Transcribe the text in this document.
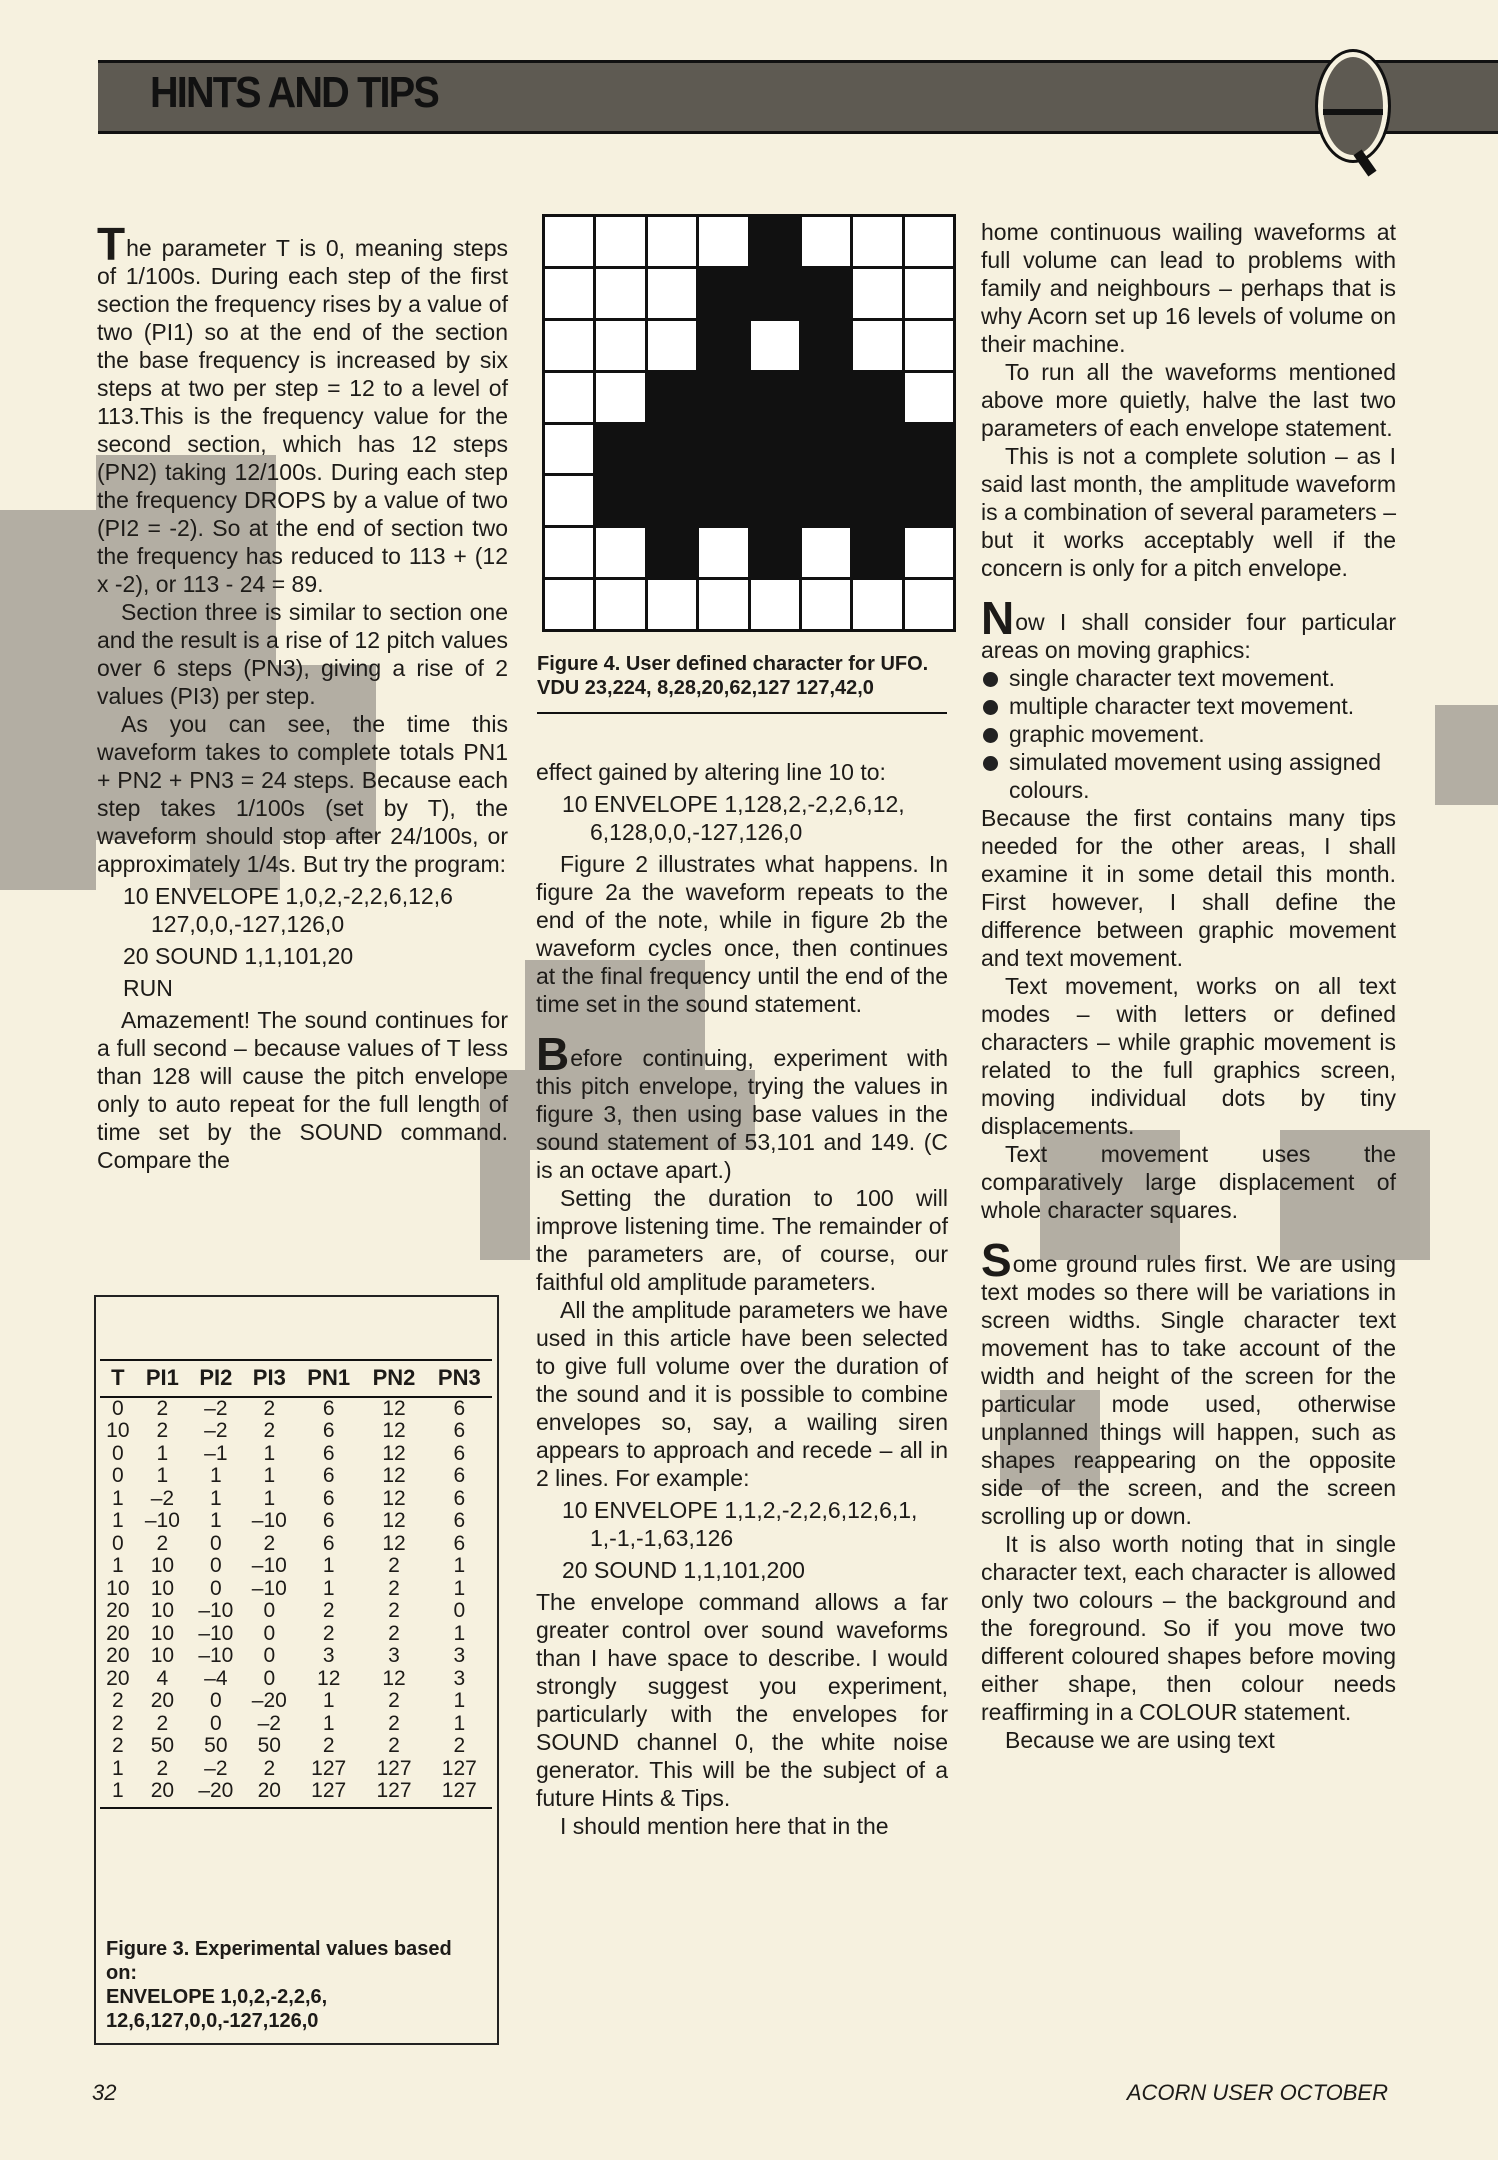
HINTS AND TIPS

The parameter T is 0, meaning steps of 1/100s. During each step of the first section the frequency rises by a value of two (PI1) so at the end of the section the base frequency is increased by six steps at two per step = 12 to a level of 113.This is the frequency value for the second section, which has 12 steps (PN2) taking 12/100s. During each step the frequency DROPS by a value of two (PI2 = -2). So at the end of section two the frequency has reduced to 113 + (12 x -2), or 113 - 24 = 89.

Section three is similar to section one and the result is a rise of 12 pitch values over 6 steps (PN3), giving a rise of 2 values (PI3) per step.

As you can see, the time this waveform takes to complete totals PN1 + PN2 + PN3 = 24 steps. Because each step takes 1/100s (set by T), the waveform should stop after 24/100s, or approximately 1/4s. But try the program:

10 ENVELOPE 1,0,2,-2,2,6,12,6
127,0,0,-127,126,0
20 SOUND 1,1,101,20
RUN

Amazement! The sound continues for a full second – because values of T less than 128 will cause the pitch envelope only to auto repeat for the full length of time set by the SOUND command. Compare the

effect gained by altering line 10 to:

10 ENVELOPE 1,128,2,-2,2,6,12,
6,128,0,0,-127,126,0

Figure 2 illustrates what happens. In figure 2a the waveform repeats to the end of the note, while in figure 2b the waveform cycles once, then continues at the final frequency until the end of the time set in the sound statement.

Before continuing, experiment with this pitch envelope, trying the values in figure 3, then using base values in the sound statement of 53,101 and 149. (C is an octave apart.)

Setting the duration to 100 will improve listening time. The remainder of the parameters are, of course, our faithful old amplitude parameters.

All the amplitude parameters we have used in this article have been selected to give full volume over the duration of the sound and it is possible to combine envelopes so, say, a wailing siren appears to approach and recede – all in 2 lines. For example:

10 ENVELOPE 1,1,2,-2,2,6,12,6,1,
1,-1,-1,63,126
20 SOUND 1,1,101,200

The envelope command allows a far greater control over sound waveforms than I have space to describe. I would strongly suggest you experiment, particularly with the envelopes for SOUND channel 0, the white noise generator. This will be the subject of a future Hints & Tips.

I should mention here that in the

home continuous wailing waveforms at full volume can lead to problems with family and neighbours – perhaps that is why Acorn set up 16 levels of volume on their machine.

To run all the waveforms mentioned above more quietly, halve the last two parameters of each envelope statement.

This is not a complete solution – as I said last month, the amplitude waveform is a combination of several parameters – but it works acceptably well if the concern is only for a pitch envelope.

Now I shall consider four particular areas on moving graphics:

single character text movement.

multiple character text movement.

graphic movement.

simulated movement using assigned colours.

Because the first contains many tips needed for the other areas, I shall examine it in some detail this month. First however, I shall define the difference between graphic movement and text movement.

Text movement, works on all text modes – with letters or defined characters – while graphic movement is related to the full graphics screen, moving individual dots by tiny displacements.

Text movement uses the comparatively large displacement of whole character squares.

Some ground rules first. We are using text modes so there will be variations in screen widths. Single character text movement has to take account of the width and height of the screen for the particular mode used, otherwise unplanned things will happen, such as shapes reappearing on the opposite side of the screen, and the screen scrolling up or down.

It is also worth noting that in single character text, each character is allowed only two colours – the background and the foreground. So if you move two different coloured shapes before moving either shape, then colour needs reaffirming in a COLOUR statement.

Because we are using text

Figure 4. User defined character for UFO. VDU 23,224, 8,28,20,62,127 127,42,0
T	PI1	PI2	PI3	PN1	PN2	PN3
0	2	–2	2	6	12	6
10	2	–2	2	6	12	6
0	1	–1	1	6	12	6
0	1	1	1	6	12	6
1	–2	1	1	6	12	6
1	–10	1	–10	6	12	6
0	2	0	2	6	12	6
1	10	0	–10	1	2	1
10	10	0	–10	1	2	1
20	10	–10	0	2	2	0
20	10	–10	0	2	2	1
20	10	–10	0	3	3	3
20	4	–4	0	12	12	3
2	20	0	–20	1	2	1
2	2	0	–2	1	2	1
2	50	50	50	2	2	2
1	2	–2	2	127	127	127
1	20	–20	20	127	127	127
Figure 3. Experimental values based on:
ENVELOPE 1,0,2,-2,2,6,
12,6,127,0,0,-127,126,0
32	ACORN USER OCTOBER
